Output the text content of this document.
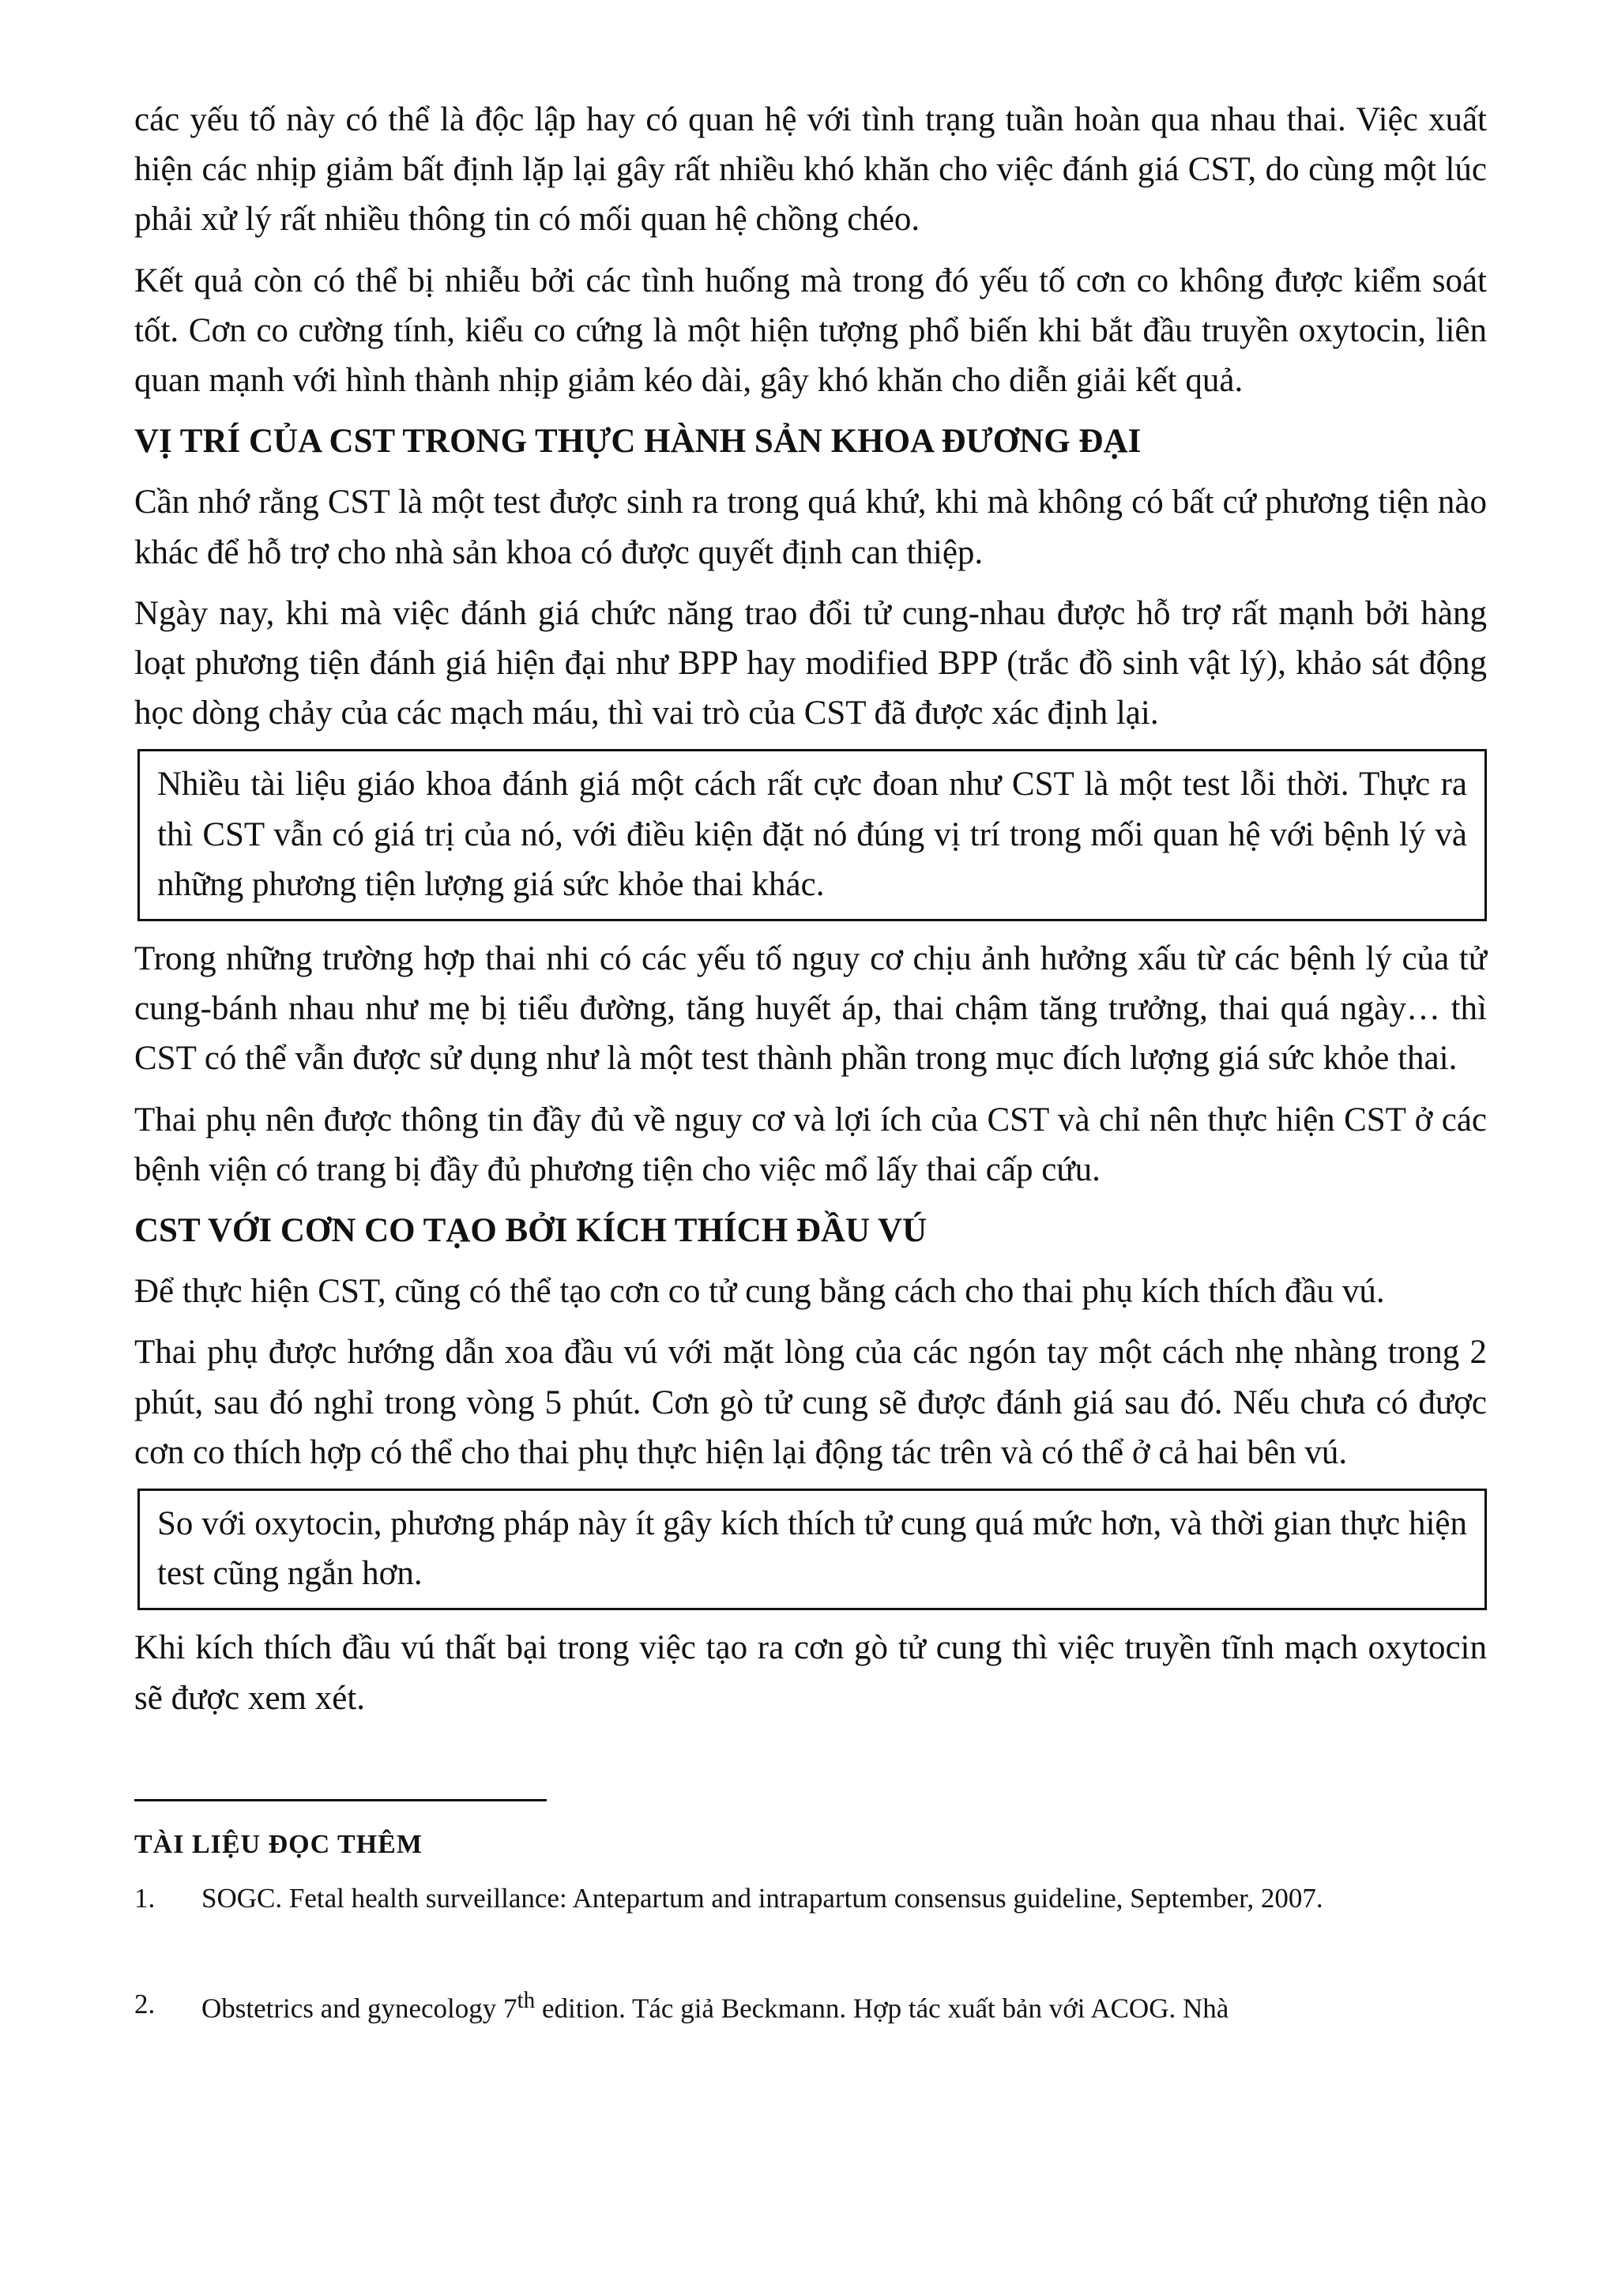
các yếu tố này có thể là độc lập hay có quan hệ với tình trạng tuần hoàn qua nhau thai. Việc xuất hiện các nhịp giảm bất định lặp lại gây rất nhiều khó khăn cho việc đánh giá CST, do cùng một lúc phải xử lý rất nhiều thông tin có mối quan hệ chồng chéo.

Kết quả còn có thể bị nhiễu bởi các tình huống mà trong đó yếu tố cơn co không được kiểm soát tốt. Cơn co cường tính, kiểu co cứng là một hiện tượng phổ biến khi bắt đầu truyền oxytocin, liên quan mạnh với hình thành nhịp giảm kéo dài, gây khó khăn cho diễn giải kết quả.

VỊ TRÍ CỦA CST TRONG THỰC HÀNH SẢN KHOA ĐƯƠNG ĐẠI

Cần nhớ rằng CST là một test được sinh ra trong quá khứ, khi mà không có bất cứ phương tiện nào khác để hỗ trợ cho nhà sản khoa có được quyết định can thiệp.

Ngày nay, khi mà việc đánh giá chức năng trao đổi tử cung-nhau được hỗ trợ rất mạnh bởi hàng loạt phương tiện đánh giá hiện đại như BPP hay modified BPP (trắc đồ sinh vật lý), khảo sát động học dòng chảy của các mạch máu, thì vai trò của CST đã được xác định lại.

Nhiều tài liệu giáo khoa đánh giá một cách rất cực đoan như CST là một test lỗi thời. Thực ra thì CST vẫn có giá trị của nó, với điều kiện đặt nó đúng vị trí trong mối quan hệ với bệnh lý và những phương tiện lượng giá sức khỏe thai khác.

Trong những trường hợp thai nhi có các yếu tố nguy cơ chịu ảnh hưởng xấu từ các bệnh lý của tử cung-bánh nhau như mẹ bị tiểu đường, tăng huyết áp, thai chậm tăng trưởng, thai quá ngày… thì CST có thể vẫn được sử dụng như là một test thành phần trong mục đích lượng giá sức khỏe thai.

Thai phụ nên được thông tin đầy đủ về nguy cơ và lợi ích của CST và chỉ nên thực hiện CST ở các bệnh viện có trang bị đầy đủ phương tiện cho việc mổ lấy thai cấp cứu.

CST VỚI CƠN CO TẠO BỞI KÍCH THÍCH ĐẦU VÚ

Để thực hiện CST, cũng có thể tạo cơn co tử cung bằng cách cho thai phụ kích thích đầu vú.

Thai phụ được hướng dẫn xoa đầu vú với mặt lòng của các ngón tay một cách nhẹ nhàng trong 2 phút, sau đó nghỉ trong vòng 5 phút. Cơn gò tử cung sẽ được đánh giá sau đó. Nếu chưa có được cơn co thích hợp có thể cho thai phụ thực hiện lại động tác trên và có thể ở cả hai bên vú.

So với oxytocin, phương pháp này ít gây kích thích tử cung quá mức hơn, và thời gian thực hiện test cũng ngắn hơn.

Khi kích thích đầu vú thất bại trong việc tạo ra cơn gò tử cung thì việc truyền tĩnh mạch oxytocin sẽ được xem xét.

TÀI LIỆU ĐỌC THÊM
1.	SOGC. Fetal health surveillance: Antepartum and intrapartum consensus guideline, September, 2007.
2.	Obstetrics and gynecology 7th edition. Tác giả Beckmann. Hợp tác xuất bản với ACOG. Nhà
